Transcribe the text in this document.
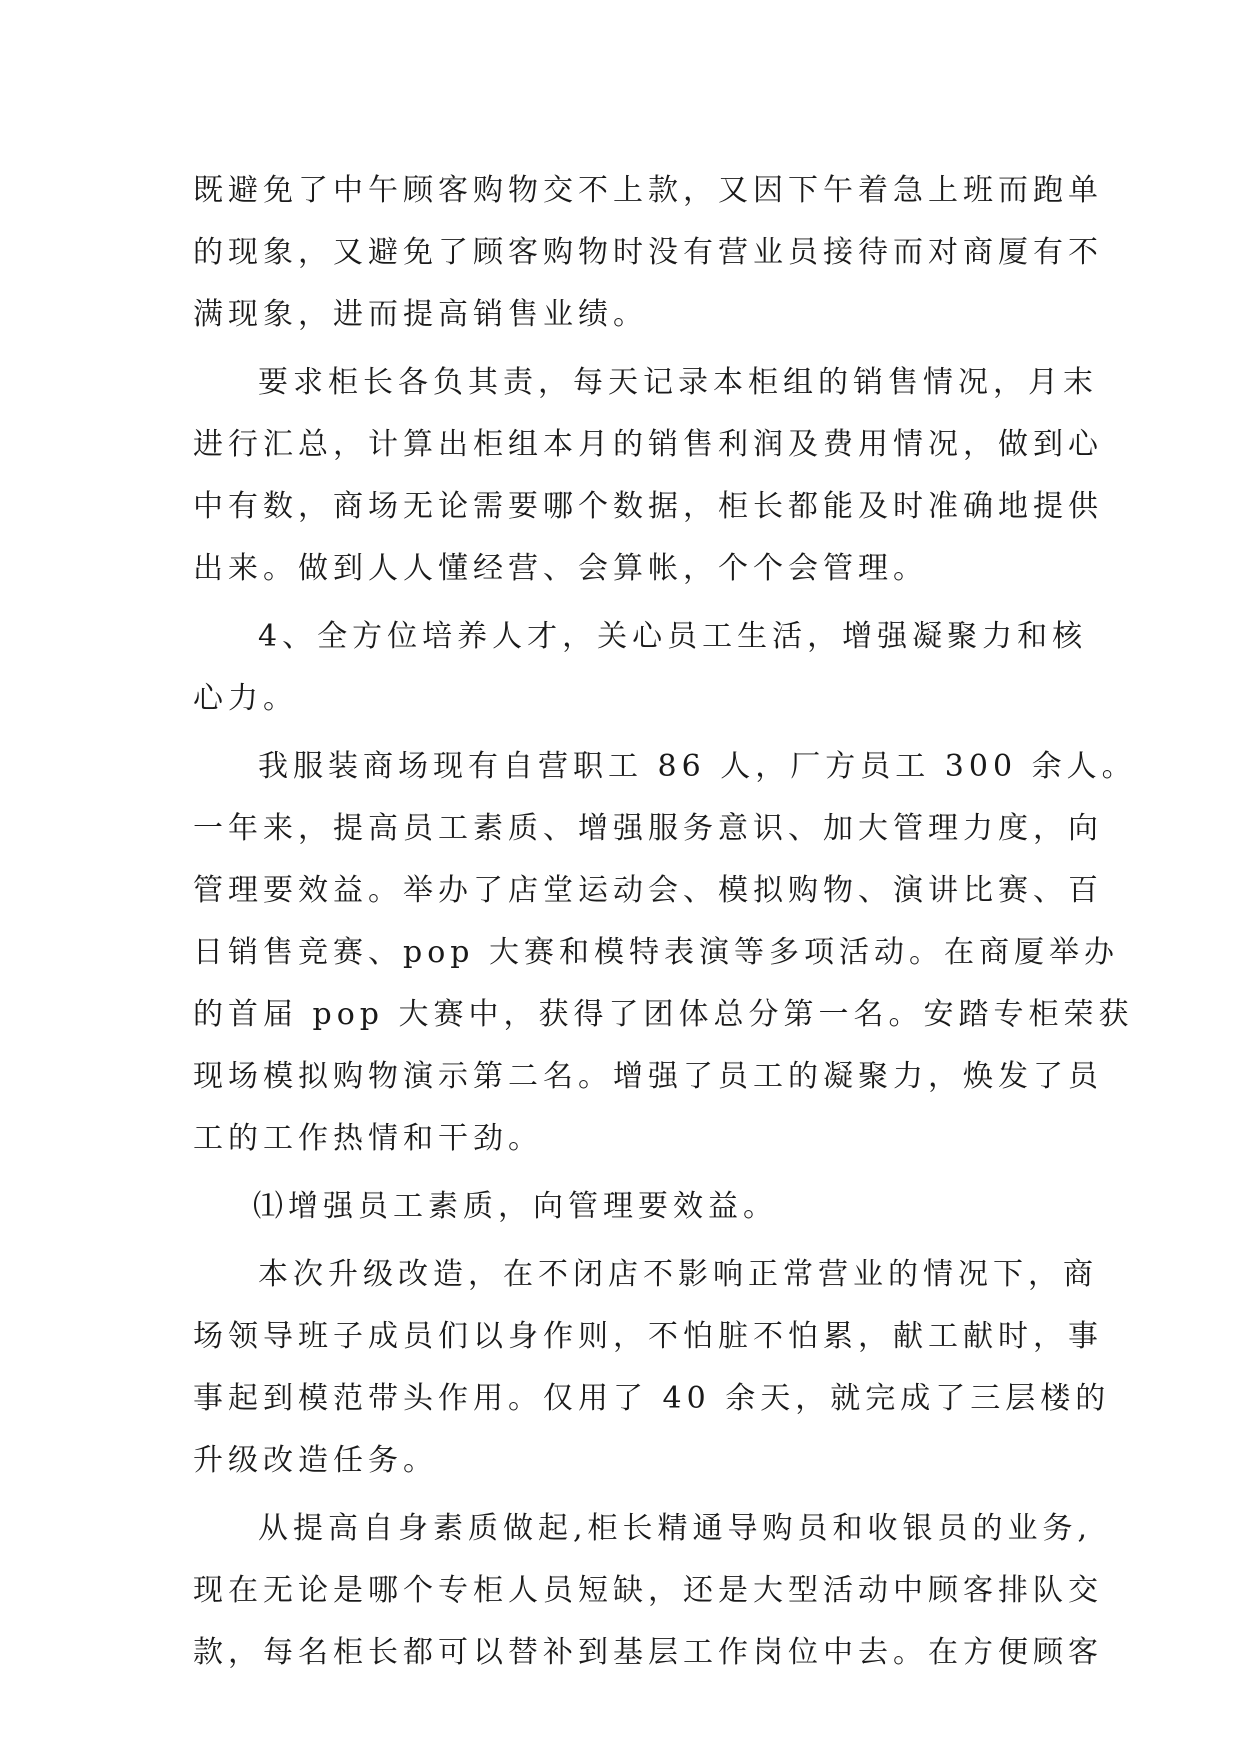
既避免了中午顾客购物交不上款，又因下午着急上班而跑单
的现象，又避免了顾客购物时没有营业员接待而对商厦有不
满现象，进而提高销售业绩。
要求柜长各负其责，每天记录本柜组的销售情况，月末
进行汇总，计算出柜组本月的销售利润及费用情况，做到心
中有数，商场无论需要哪个数据，柜长都能及时准确地提供
出来。做到人人懂经营、会算帐，个个会管理。
4、全方位培养人才，关心员工生活，增强凝聚力和核
心力。
我服装商场现有自营职工 86 人，厂方员工 300 余人。
一年来，提高员工素质、增强服务意识、加大管理力度，向
管理要效益。举办了店堂运动会、模拟购物、演讲比赛、百
日销售竞赛、pop 大赛和模特表演等多项活动。在商厦举办
的首届 pop 大赛中，获得了团体总分第一名。安踏专柜荣获
现场模拟购物演示第二名。增强了员工的凝聚力，焕发了员
工的工作热情和干劲。
⑴增强员工素质，向管理要效益。
本次升级改造，在不闭店不影响正常营业的情况下，商
场领导班子成员们以身作则，不怕脏不怕累，献工献时，事
事起到模范带头作用。仅用了 40 余天，就完成了三层楼的
升级改造任务。
从提高自身素质做起,柜长精通导购员和收银员的业务,
现在无论是哪个专柜人员短缺，还是大型活动中顾客排队交
款，每名柜长都可以替补到基层工作岗位中去。在方便顾客
